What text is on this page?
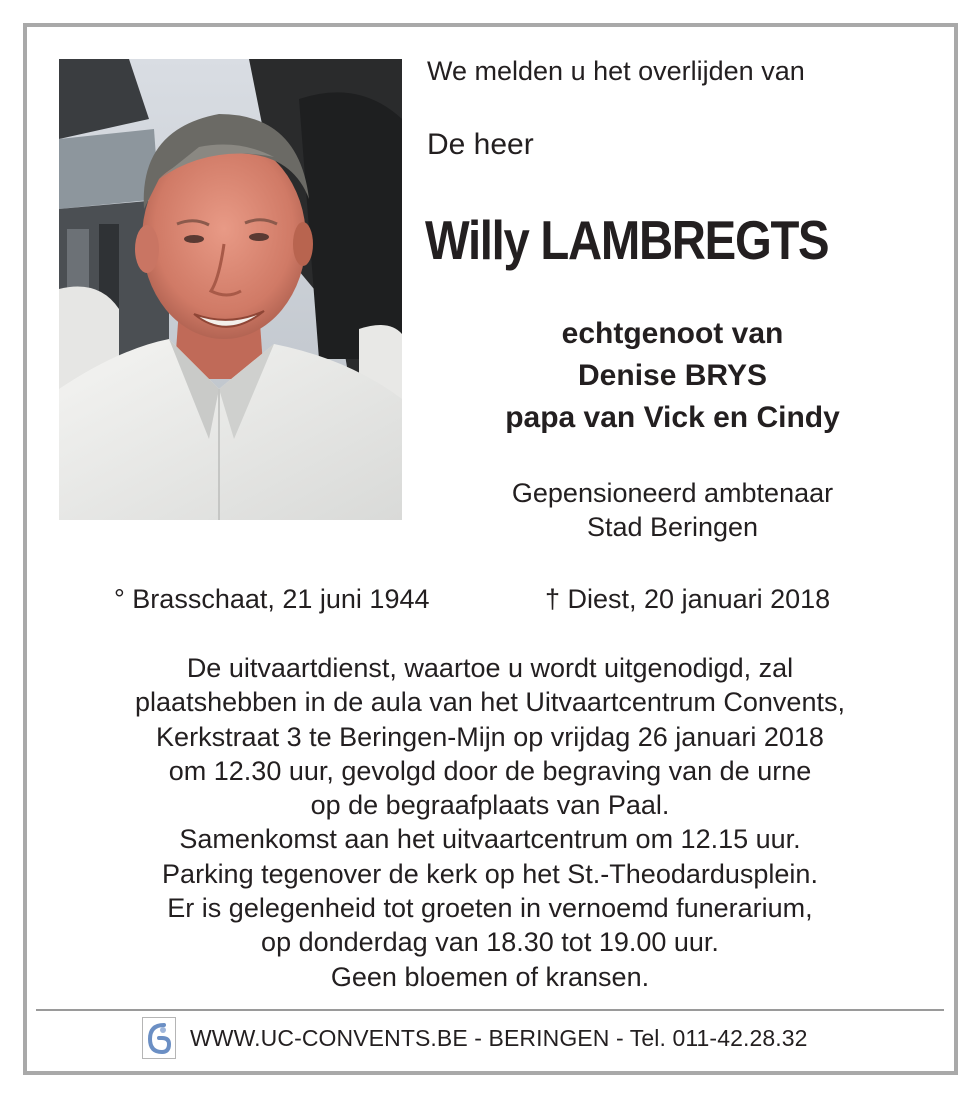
We melden u het overlijden van
De heer
Willy LAMBREGTS
echtgenoot van
Denise BRYS
papa van Vick en Cindy
Gepensioneerd ambtenaar
Stad Beringen
° Brasschaat, 21 juni 1944	† Diest, 20 januari 2018
De uitvaartdienst, waartoe u wordt uitgenodigd, zal
plaatshebben in de aula van het Uitvaartcentrum Convents,
Kerkstraat 3 te Beringen-Mijn op vrijdag 26 januari 2018
om 12.30 uur, gevolgd door de begraving van de urne
op de begraafplaats van Paal.
Samenkomst aan het uitvaartcentrum om 12.15 uur.
Parking tegenover de kerk op het St.-Theodardusplein.
Er is gelegenheid tot groeten in vernoemd funerarium,
op donderdag van 18.30 tot 19.00 uur.
Geen bloemen of kransen.
WWW.UC-CONVENTS.BE - BERINGEN - Tel. 011-42.28.32
